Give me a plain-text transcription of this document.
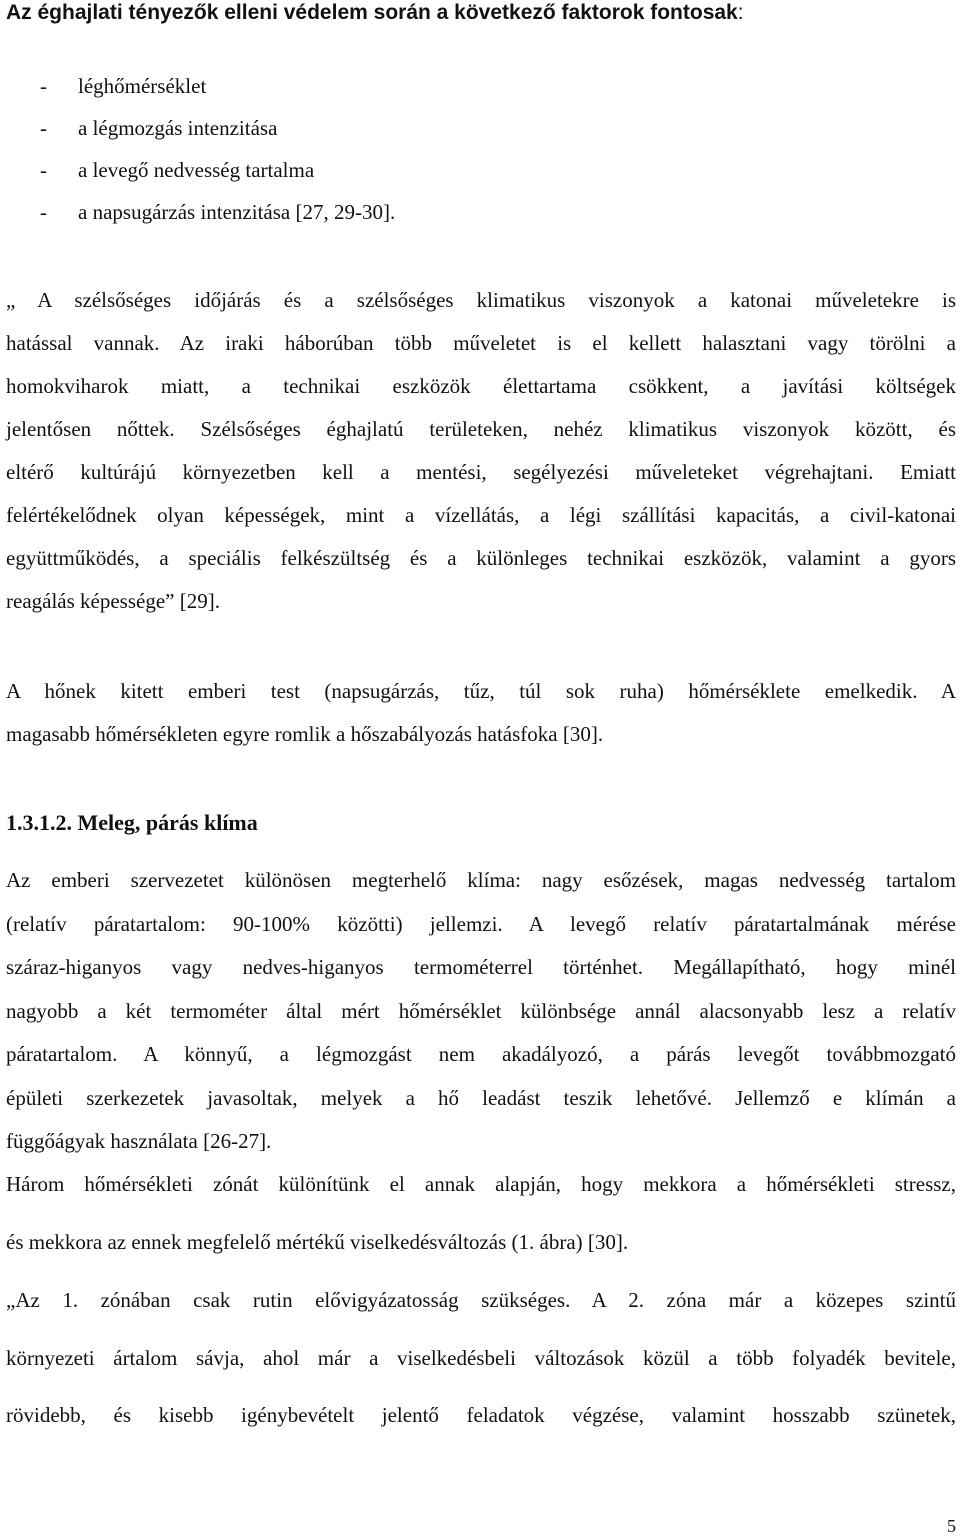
Az éghajlati tényezők elleni védelem során a következő faktorok fontosak:
- léghőmérséklet
- a légmozgás intenzitása
- a levegő nedvesség tartalma
- a napsugárzás intenzitása [27, 29-30].
„ A szélsőséges időjárás és a szélsőséges klimatikus viszonyok a katonai műveletekre is
hatással vannak. Az iraki háborúban több műveletet is el kellett halasztani vagy törölni a
homokviharok miatt, a technikai eszközök élettartama csökkent, a javítási költségek
jelentősen nőttek. Szélsőséges éghajlatú területeken, nehéz klimatikus viszonyok között, és
eltérő kultúrájú környezetben kell a mentési, segélyezési műveleteket végrehajtani. Emiatt
felértékelődnek olyan képességek, mint a vízellátás, a légi szállítási kapacitás, a civil-katonai
együttműködés, a speciális felkészültség és a különleges technikai eszközök, valamint a gyors
reagálás képessége” [29].
A hőnek kitett emberi test (napsugárzás, tűz, túl sok ruha) hőmérséklete emelkedik. A
magasabb hőmérsékleten egyre romlik a hőszabályozás hatásfoka [30].
1.3.1.2. Meleg, párás klíma
Az emberi szervezetet különösen megterhelő klíma: nagy esőzések, magas nedvesség tartalom
(relatív páratartalom: 90-100% közötti) jellemzi. A levegő relatív páratartalmának mérése
száraz-higanyos vagy nedves-higanyos termométerrel történhet. Megállapítható, hogy minél
nagyobb a két termométer által mért hőmérséklet különbsége annál alacsonyabb lesz a relatív
páratartalom. A könnyű, a légmozgást nem akadályozó, a párás levegőt továbbmozgató
épületi szerkezetek javasoltak, melyek a hő leadást teszik lehetővé. Jellemző e klímán a
függőágyak használata [26-27].
Három hőmérsékleti zónát különítünk el annak alapján, hogy mekkora a hőmérsékleti stressz,
és mekkora az ennek megfelelő mértékű viselkedésváltozás (1. ábra) [30].
„Az 1. zónában csak rutin elővigyázatosság szükséges. A 2. zóna már a közepes szintű
környezeti ártalom sávja, ahol már a viselkedésbeli változások közül a több folyadék bevitele,
rövidebb, és kisebb igénybevételt jelentő feladatok végzése, valamint hosszabb szünetek,
5
